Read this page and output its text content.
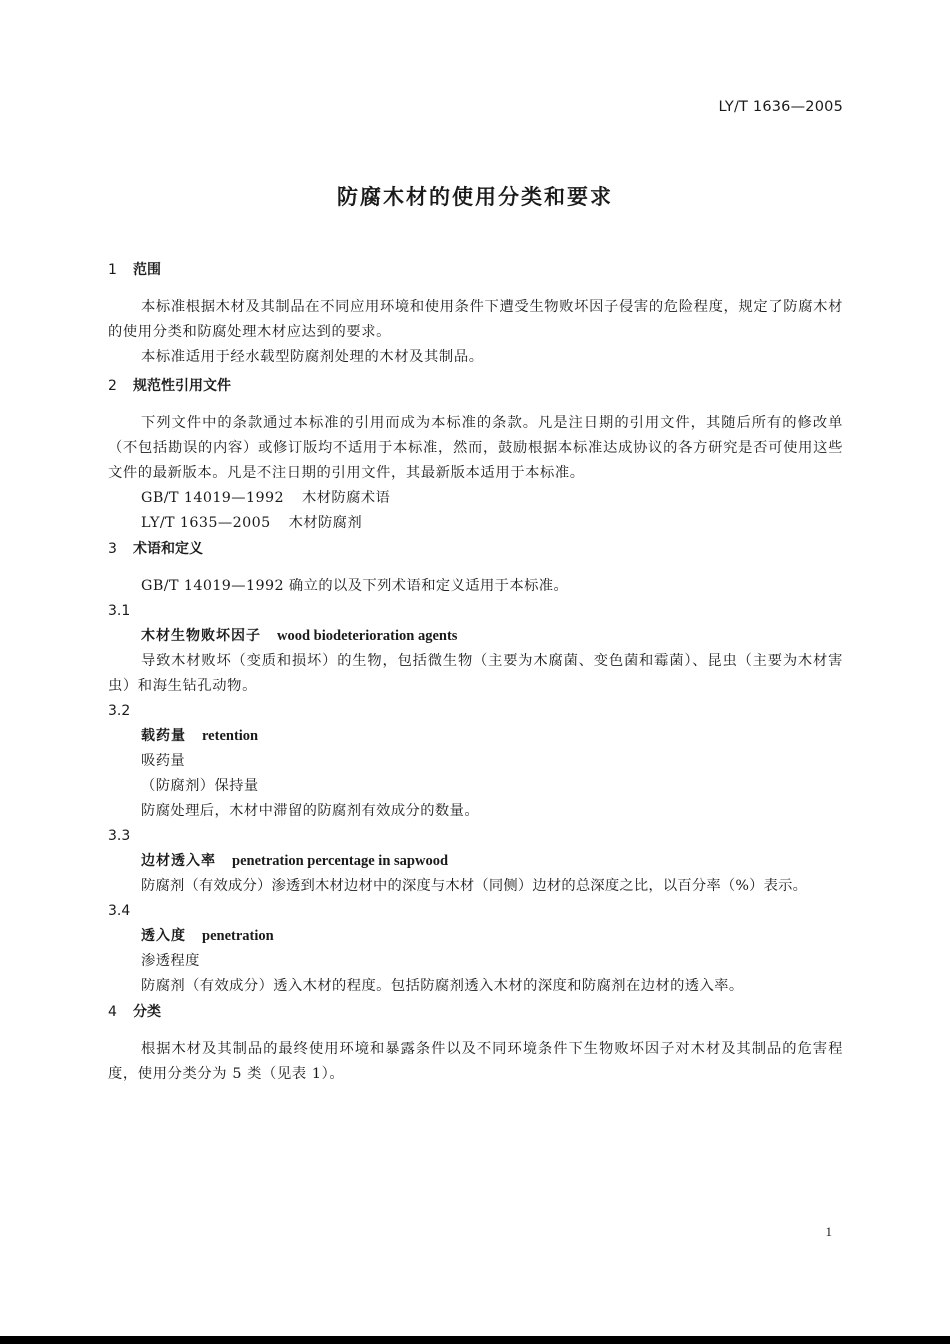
LY/T 1636—2005
防腐木材的使用分类和要求
1 范围
本标准根据木材及其制品在不同应用环境和使用条件下遭受生物败坏因子侵害的危险程度，规定了防腐木材的使用分类和防腐处理木材应达到的要求。
本标准适用于经水载型防腐剂处理的木材及其制品。
2 规范性引用文件
下列文件中的条款通过本标准的引用而成为本标准的条款。凡是注日期的引用文件，其随后所有的修改单（不包括勘误的内容）或修订版均不适用于本标准，然而，鼓励根据本标准达成协议的各方研究是否可使用这些文件的最新版本。凡是不注日期的引用文件，其最新版本适用于本标准。
GB/T 14019—1992 木材防腐术语
LY/T 1635—2005 木材防腐剂
3 术语和定义
GB/T 14019—1992 确立的以及下列术语和定义适用于本标准。
3.1
木材生物败坏因子 wood biodeterioration agents
导致木材败坏（变质和损坏）的生物，包括微生物（主要为木腐菌、变色菌和霉菌）、昆虫（主要为木材害虫）和海生钻孔动物。
3.2
载药量 retention
吸药量
（防腐剂）保持量
防腐处理后，木材中滞留的防腐剂有效成分的数量。
3.3
边材透入率 penetration percentage in sapwood
防腐剂（有效成分）渗透到木材边材中的深度与木材（同侧）边材的总深度之比，以百分率（%）表示。
3.4
透入度 penetration
渗透程度
防腐剂（有效成分）透入木材的程度。包括防腐剂透入木材的深度和防腐剂在边材的透入率。
4 分类
根据木材及其制品的最终使用环境和暴露条件以及不同环境条件下生物败坏因子对木材及其制品的危害程度，使用分类分为 5 类（见表 1）。
1
